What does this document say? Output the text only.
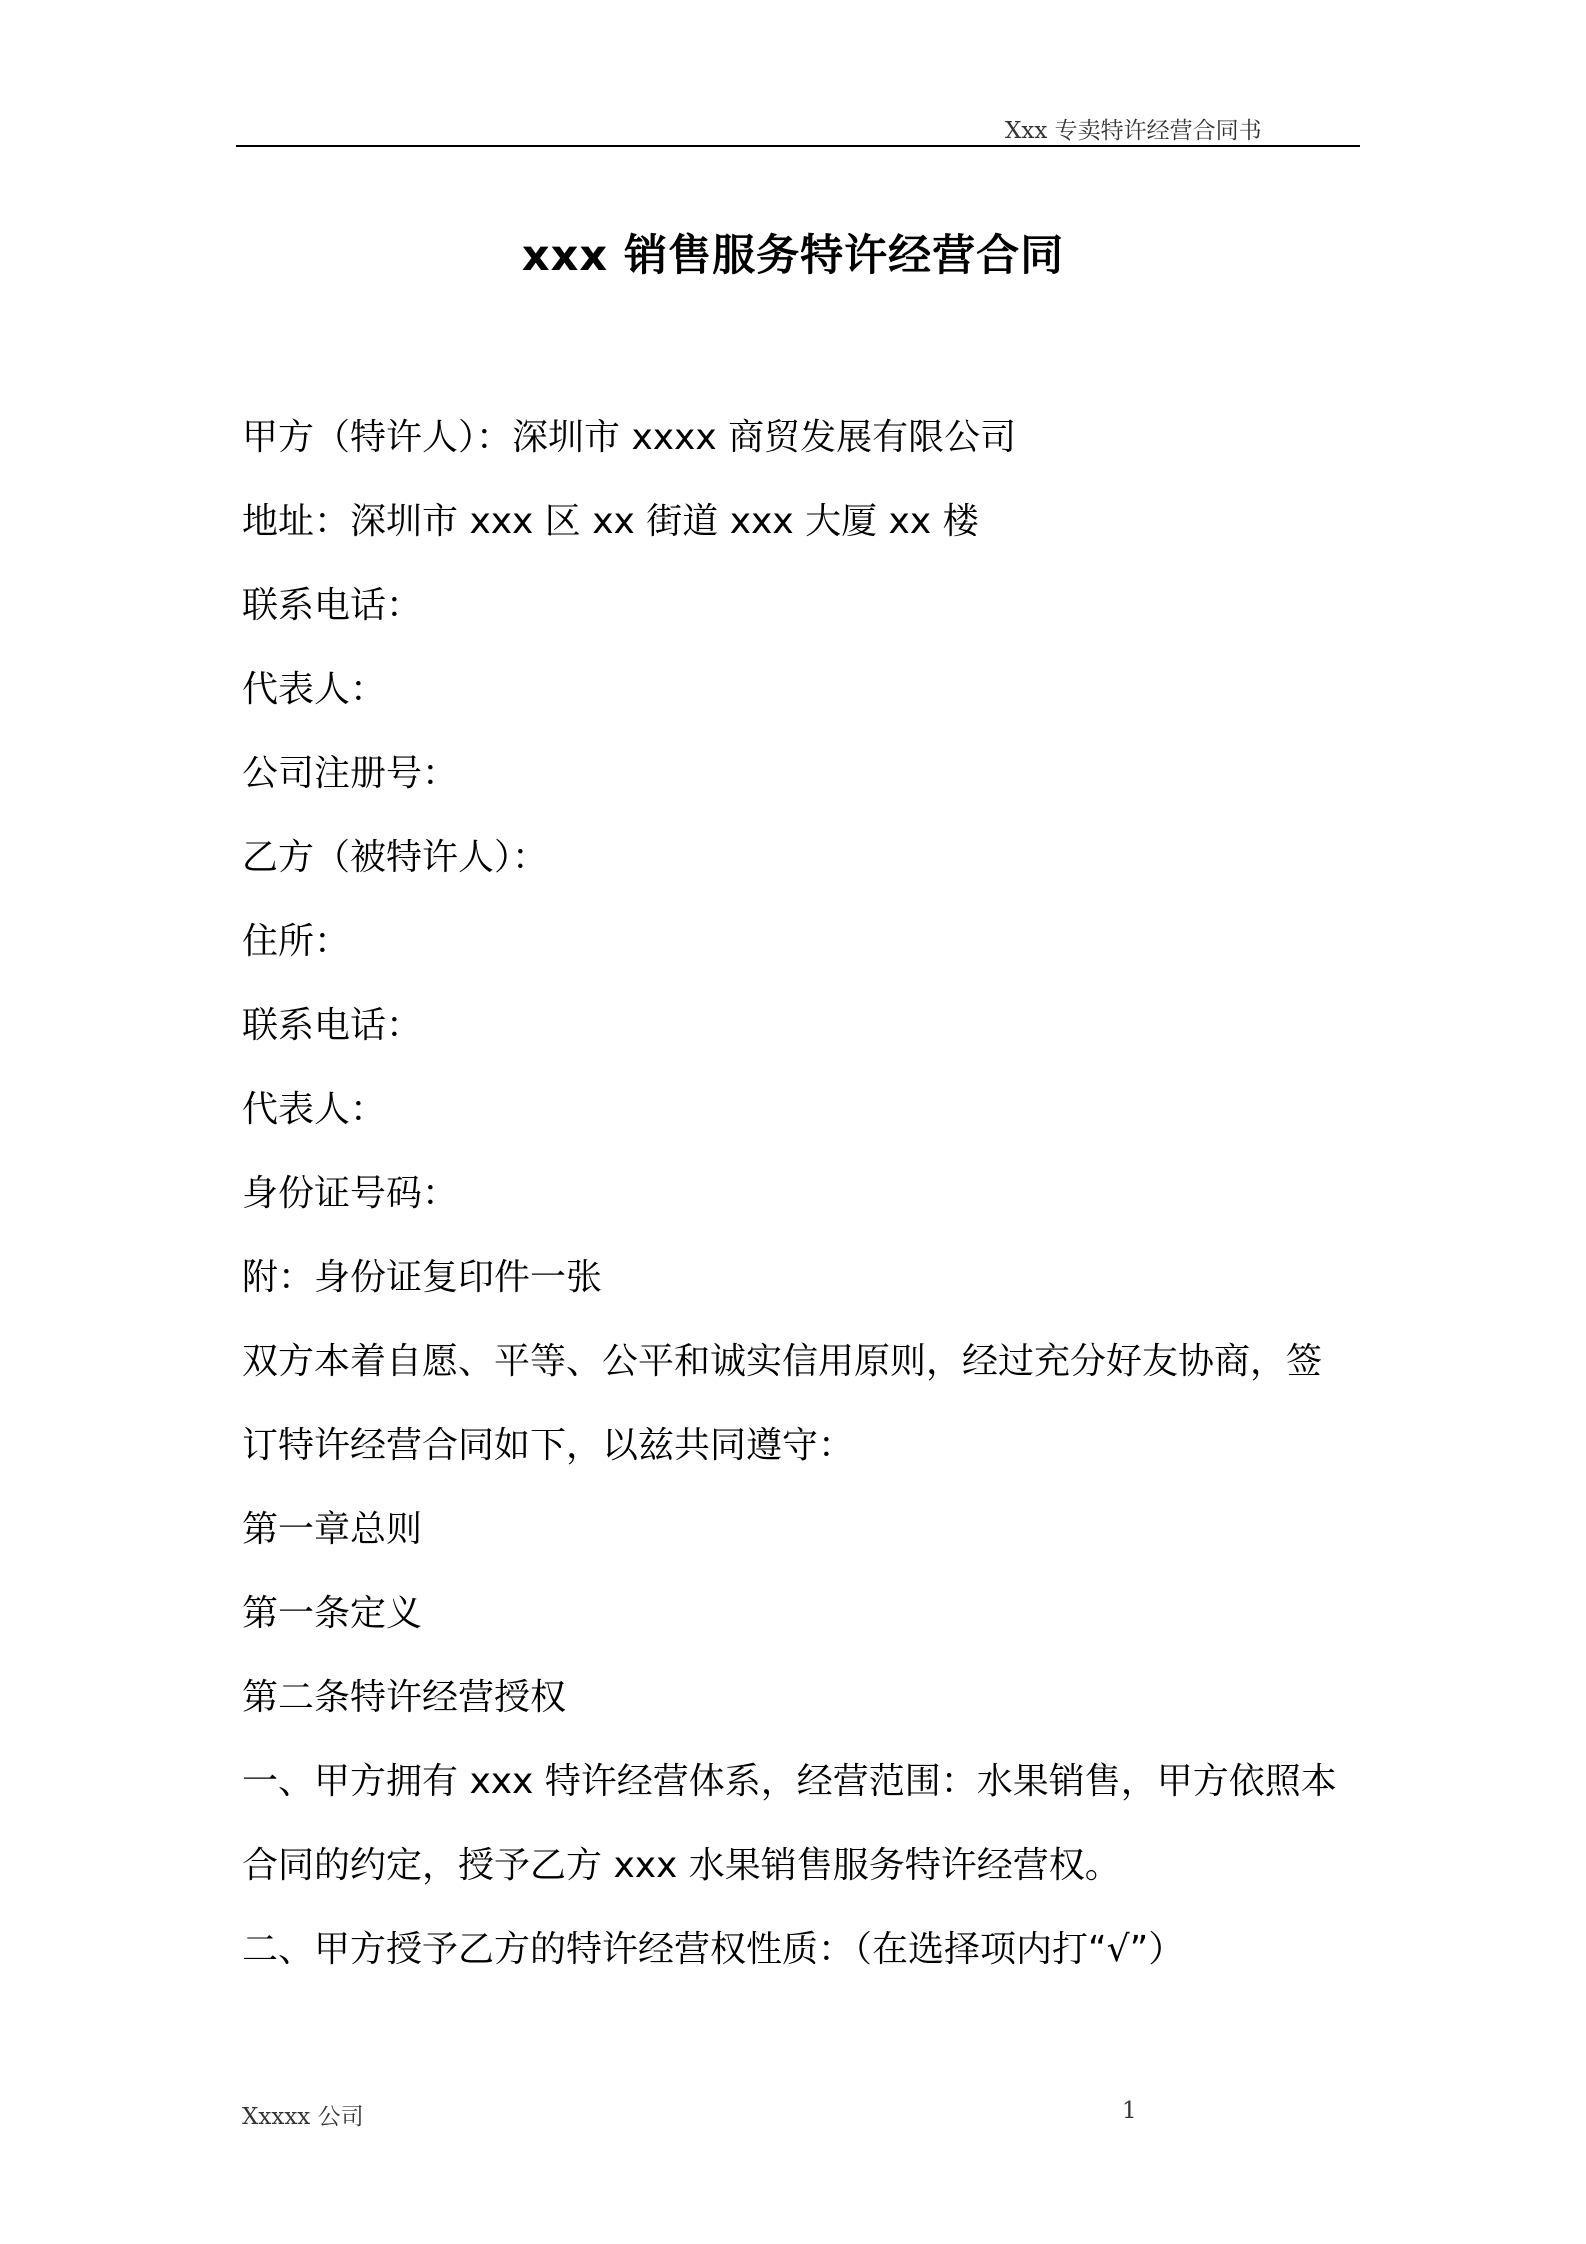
Xxx 专卖特许经营合同书
xxx 销售服务特许经营合同
甲方（特许人）：深圳市 xxxx 商贸发展有限公司
地址：深圳市 xxx 区 xx 街道 xxx 大厦 xx 楼
联系电话：
代表人：
公司注册号：
乙方（被特许人）：
住所：
联系电话：
代表人：
身份证号码：
附：身份证复印件一张
双方本着自愿、平等、公平和诚实信用原则，经过充分好友协商，签
订特许经营合同如下，以兹共同遵守：
第一章总则
第一条定义
第二条特许经营授权
一、甲方拥有 xxx 特许经营体系，经营范围：水果销售，甲方依照本
合同的约定，授予乙方 xxx 水果销售服务特许经营权。
二、甲方授予乙方的特许经营权性质：（在选择项内打“√”）
Xxxxx 公司	1
